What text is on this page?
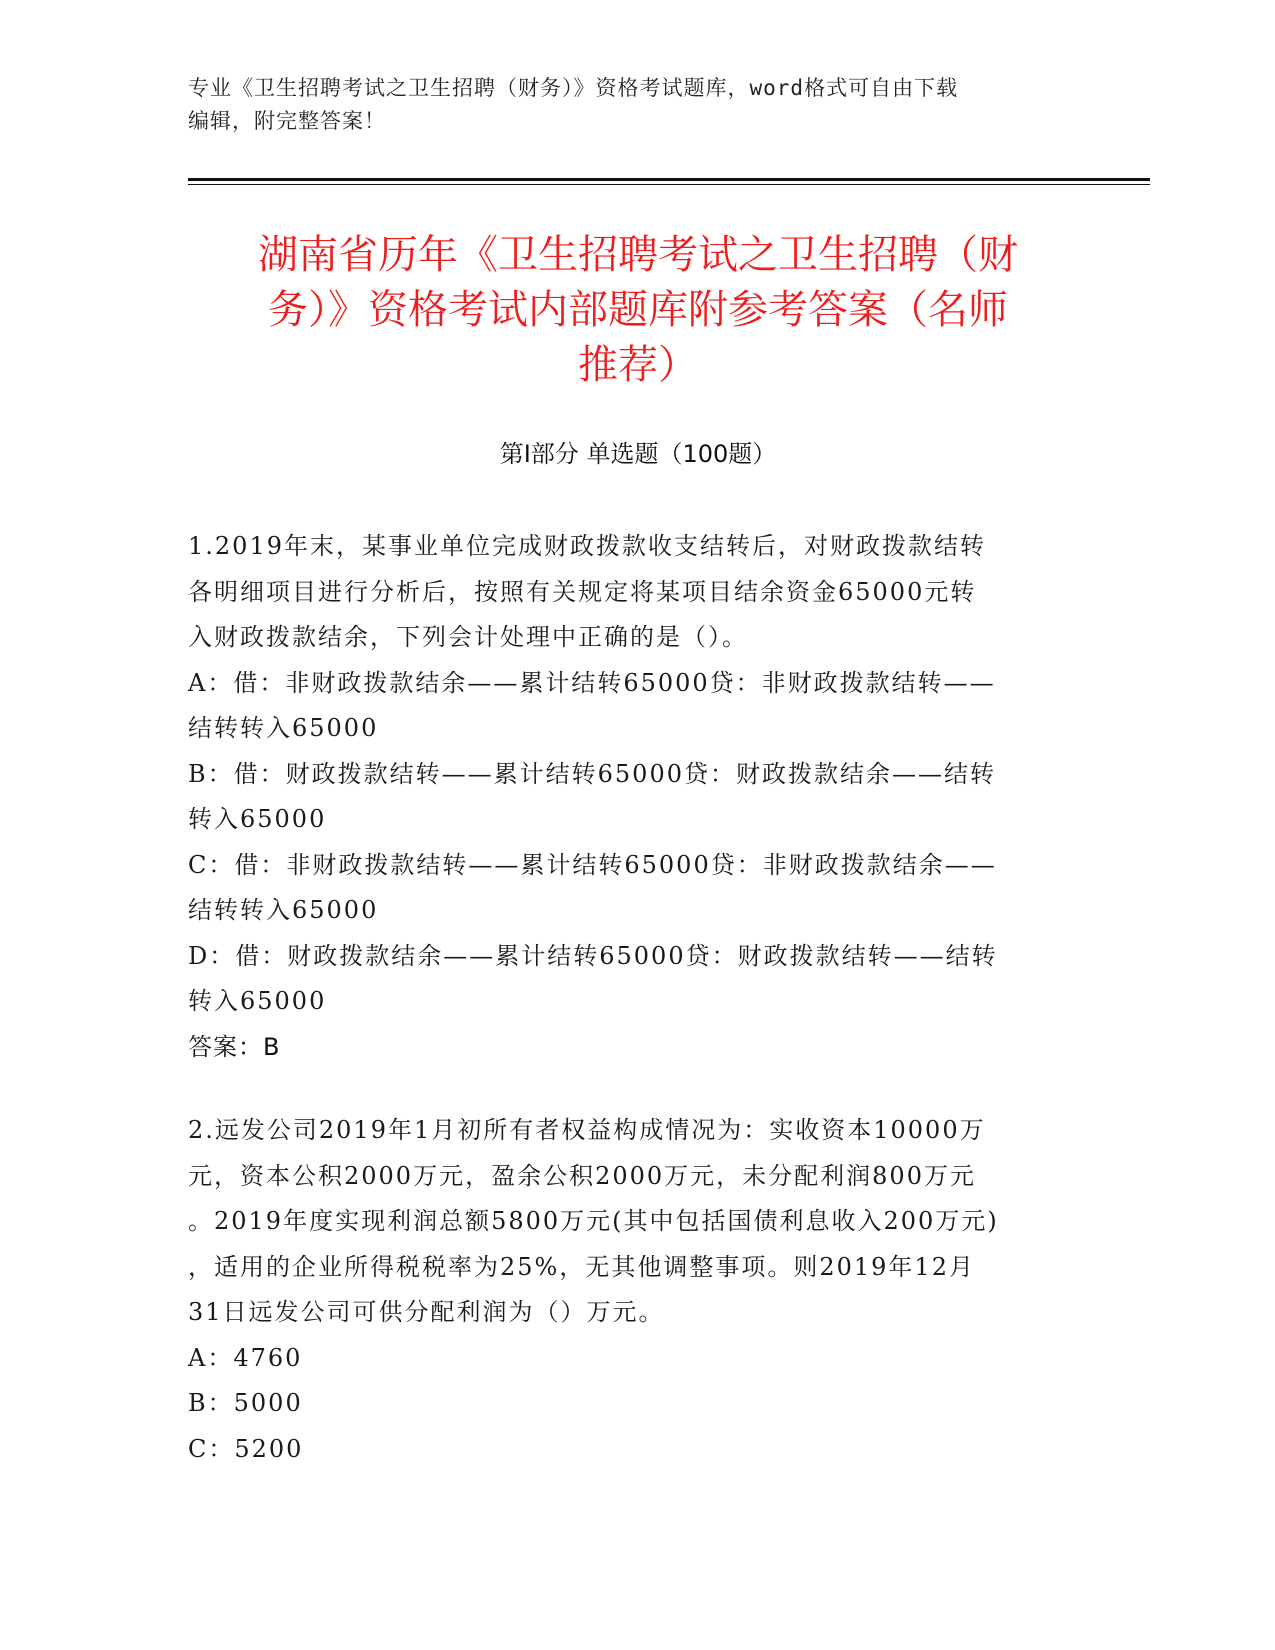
专业《卫生招聘考试之卫生招聘（财务）》资格考试题库，word格式可自由下载
编辑，附完整答案！
湖南省历年《卫生招聘考试之卫生招聘（财
务）》资格考试内部题库附参考答案（名师
推荐）
第Ⅰ部分 单选题（100题）
1.2019年末，某事业单位完成财政拨款收支结转后，对财政拨款结转
各明细项目进行分析后，按照有关规定将某项目结余资金65000元转
入财政拨款结余，下列会计处理中正确的是（）。
A：借：非财政拨款结余——累计结转65000贷：非财政拨款结转——
结转转入65000
B：借：财政拨款结转——累计结转65000贷：财政拨款结余——结转
转入65000
C：借：非财政拨款结转——累计结转65000贷：非财政拨款结余——
结转转入65000
D：借：财政拨款结余——累计结转65000贷：财政拨款结转——结转
转入65000
答案：B
2.远发公司2019年1月初所有者权益构成情况为：实收资本10000万
元，资本公积2000万元，盈余公积2000万元，未分配利润800万元
。2019年度实现利润总额5800万元(其中包括国债利息收入200万元)
，适用的企业所得税税率为25%，无其他调整事项。则2019年12月
31日远发公司可供分配利润为（）万元。
A：4760
B：5000
C：5200
